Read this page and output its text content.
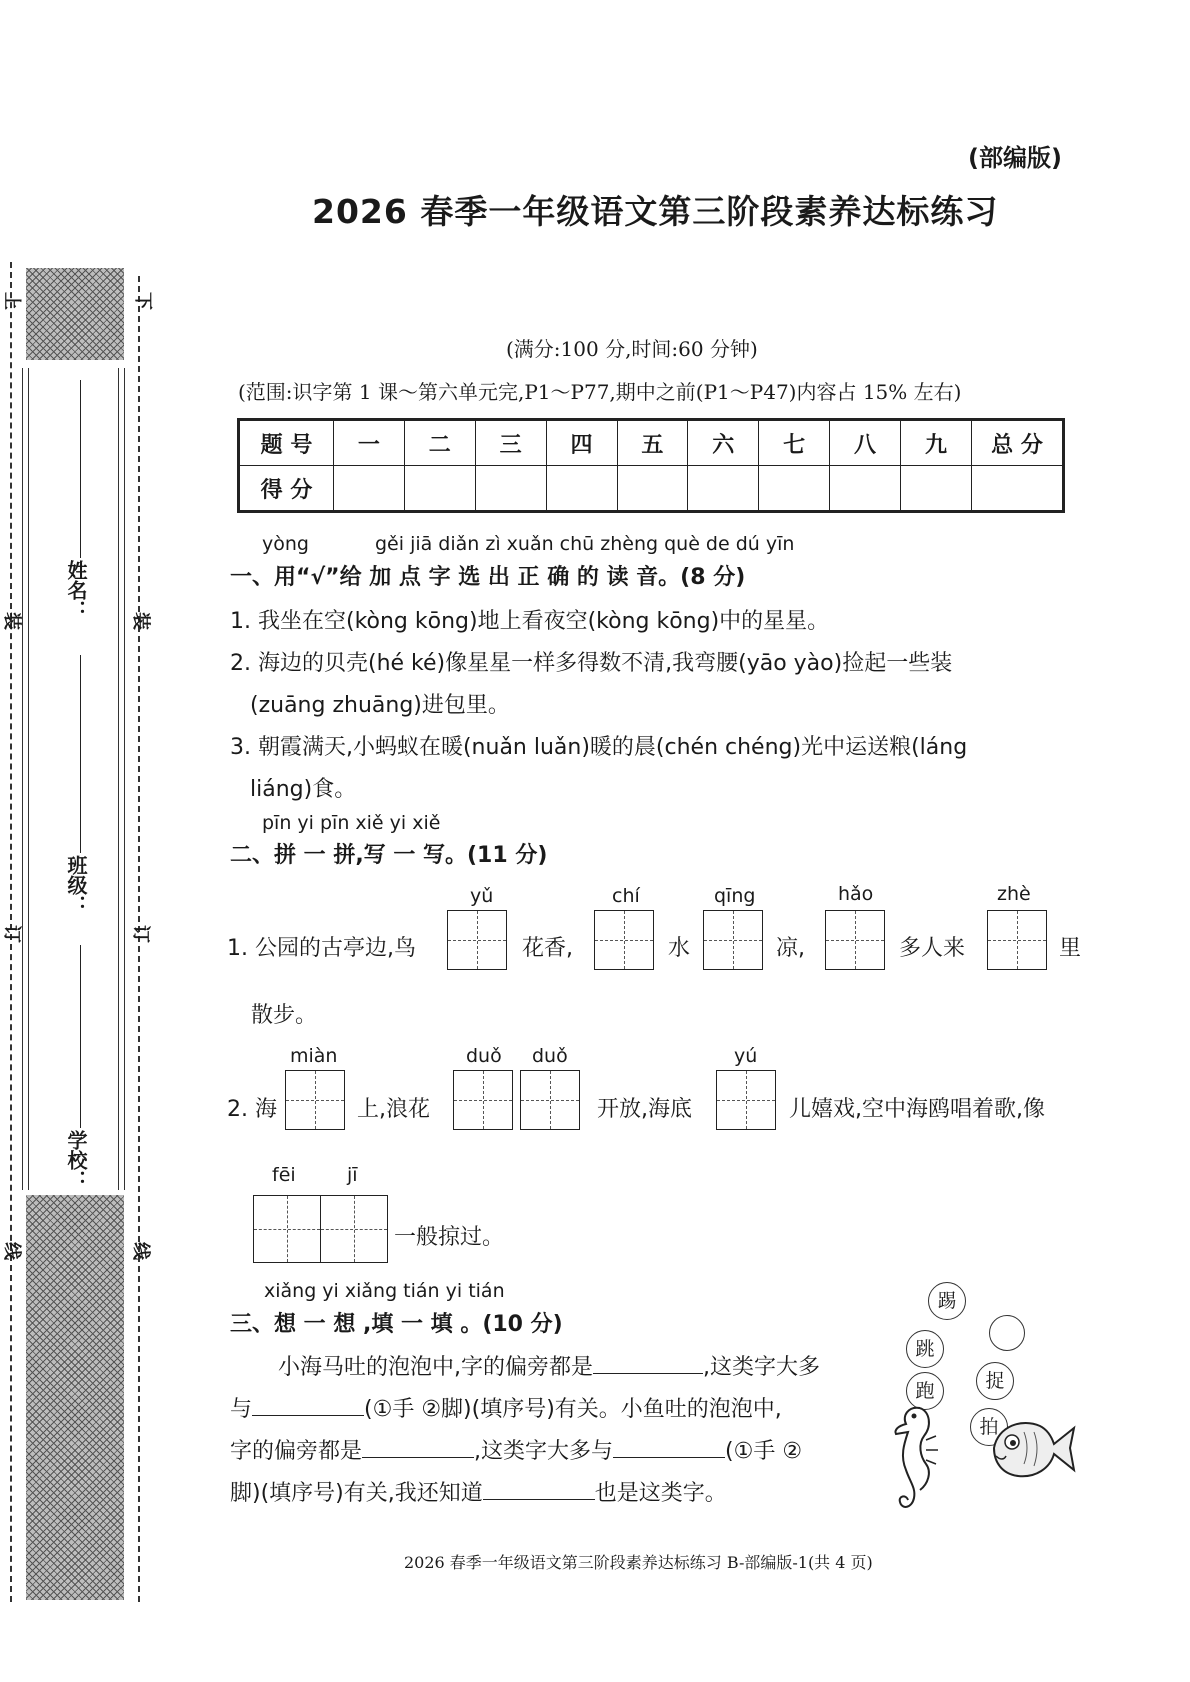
上	下
装	装
订	订
线	线
姓名：
班级：
学校：
(部编版)
2026 春季一年级语文第三阶段素养达标练习
(满分:100 分,时间:60 分钟)
(范围:识字第 1 课～第六单元完,P1～P77,期中之前(P1～P47)内容占 15% 左右)
题 号	一	二	三	四	五	六	七	八	九	总 分
得 分										
yòng	gěi jiā diǎn zì xuǎn chū zhèng què de dú yīn
一、用“√”给 加 点 字 选 出 正 确 的 读 音。(8 分)
1. 我坐在空(kòng kōng)地上看夜空(kòng kōng)中的星星。
2. 海边的贝壳(hé ké)像星星一样多得数不清,我弯腰(yāo yào)捡起一些装
(zuāng zhuāng)进包里。
3. 朝霞满天,小蚂蚁在暖(nuǎn luǎn)暖的晨(chén chéng)光中运送粮(láng
liáng)食。
pīn yi pīn xiě yi xiě
二、拼 一 拼,写 一 写。(11 分)
yǔ	chí	qīng	hǎo	zhè
1. 公园的古亭边,鸟	花香,	水	凉,	多人来	里
散步。
miàn	duǒ duǒ	yú
2. 海	上,浪花	开放,海底	儿嬉戏,空中海鸥唱着歌,像
fēi	jī
一般掠过。
xiǎng yi xiǎng tián yi tián
三、想 一 想 ,填 一 填 。(10 分)
小海马吐的泡泡中,字的偏旁都是	,这类字大多
与	(①手 ②脚)(填序号)有关。小鱼吐的泡泡中,
字的偏旁都是	,这类字大多与	(①手 ②
脚)(填序号)有关,我还知道	也是这类字。
踢
跳
跑	捉
拍
2026 春季一年级语文第三阶段素养达标练习 B-部编版-1(共 4 页)
